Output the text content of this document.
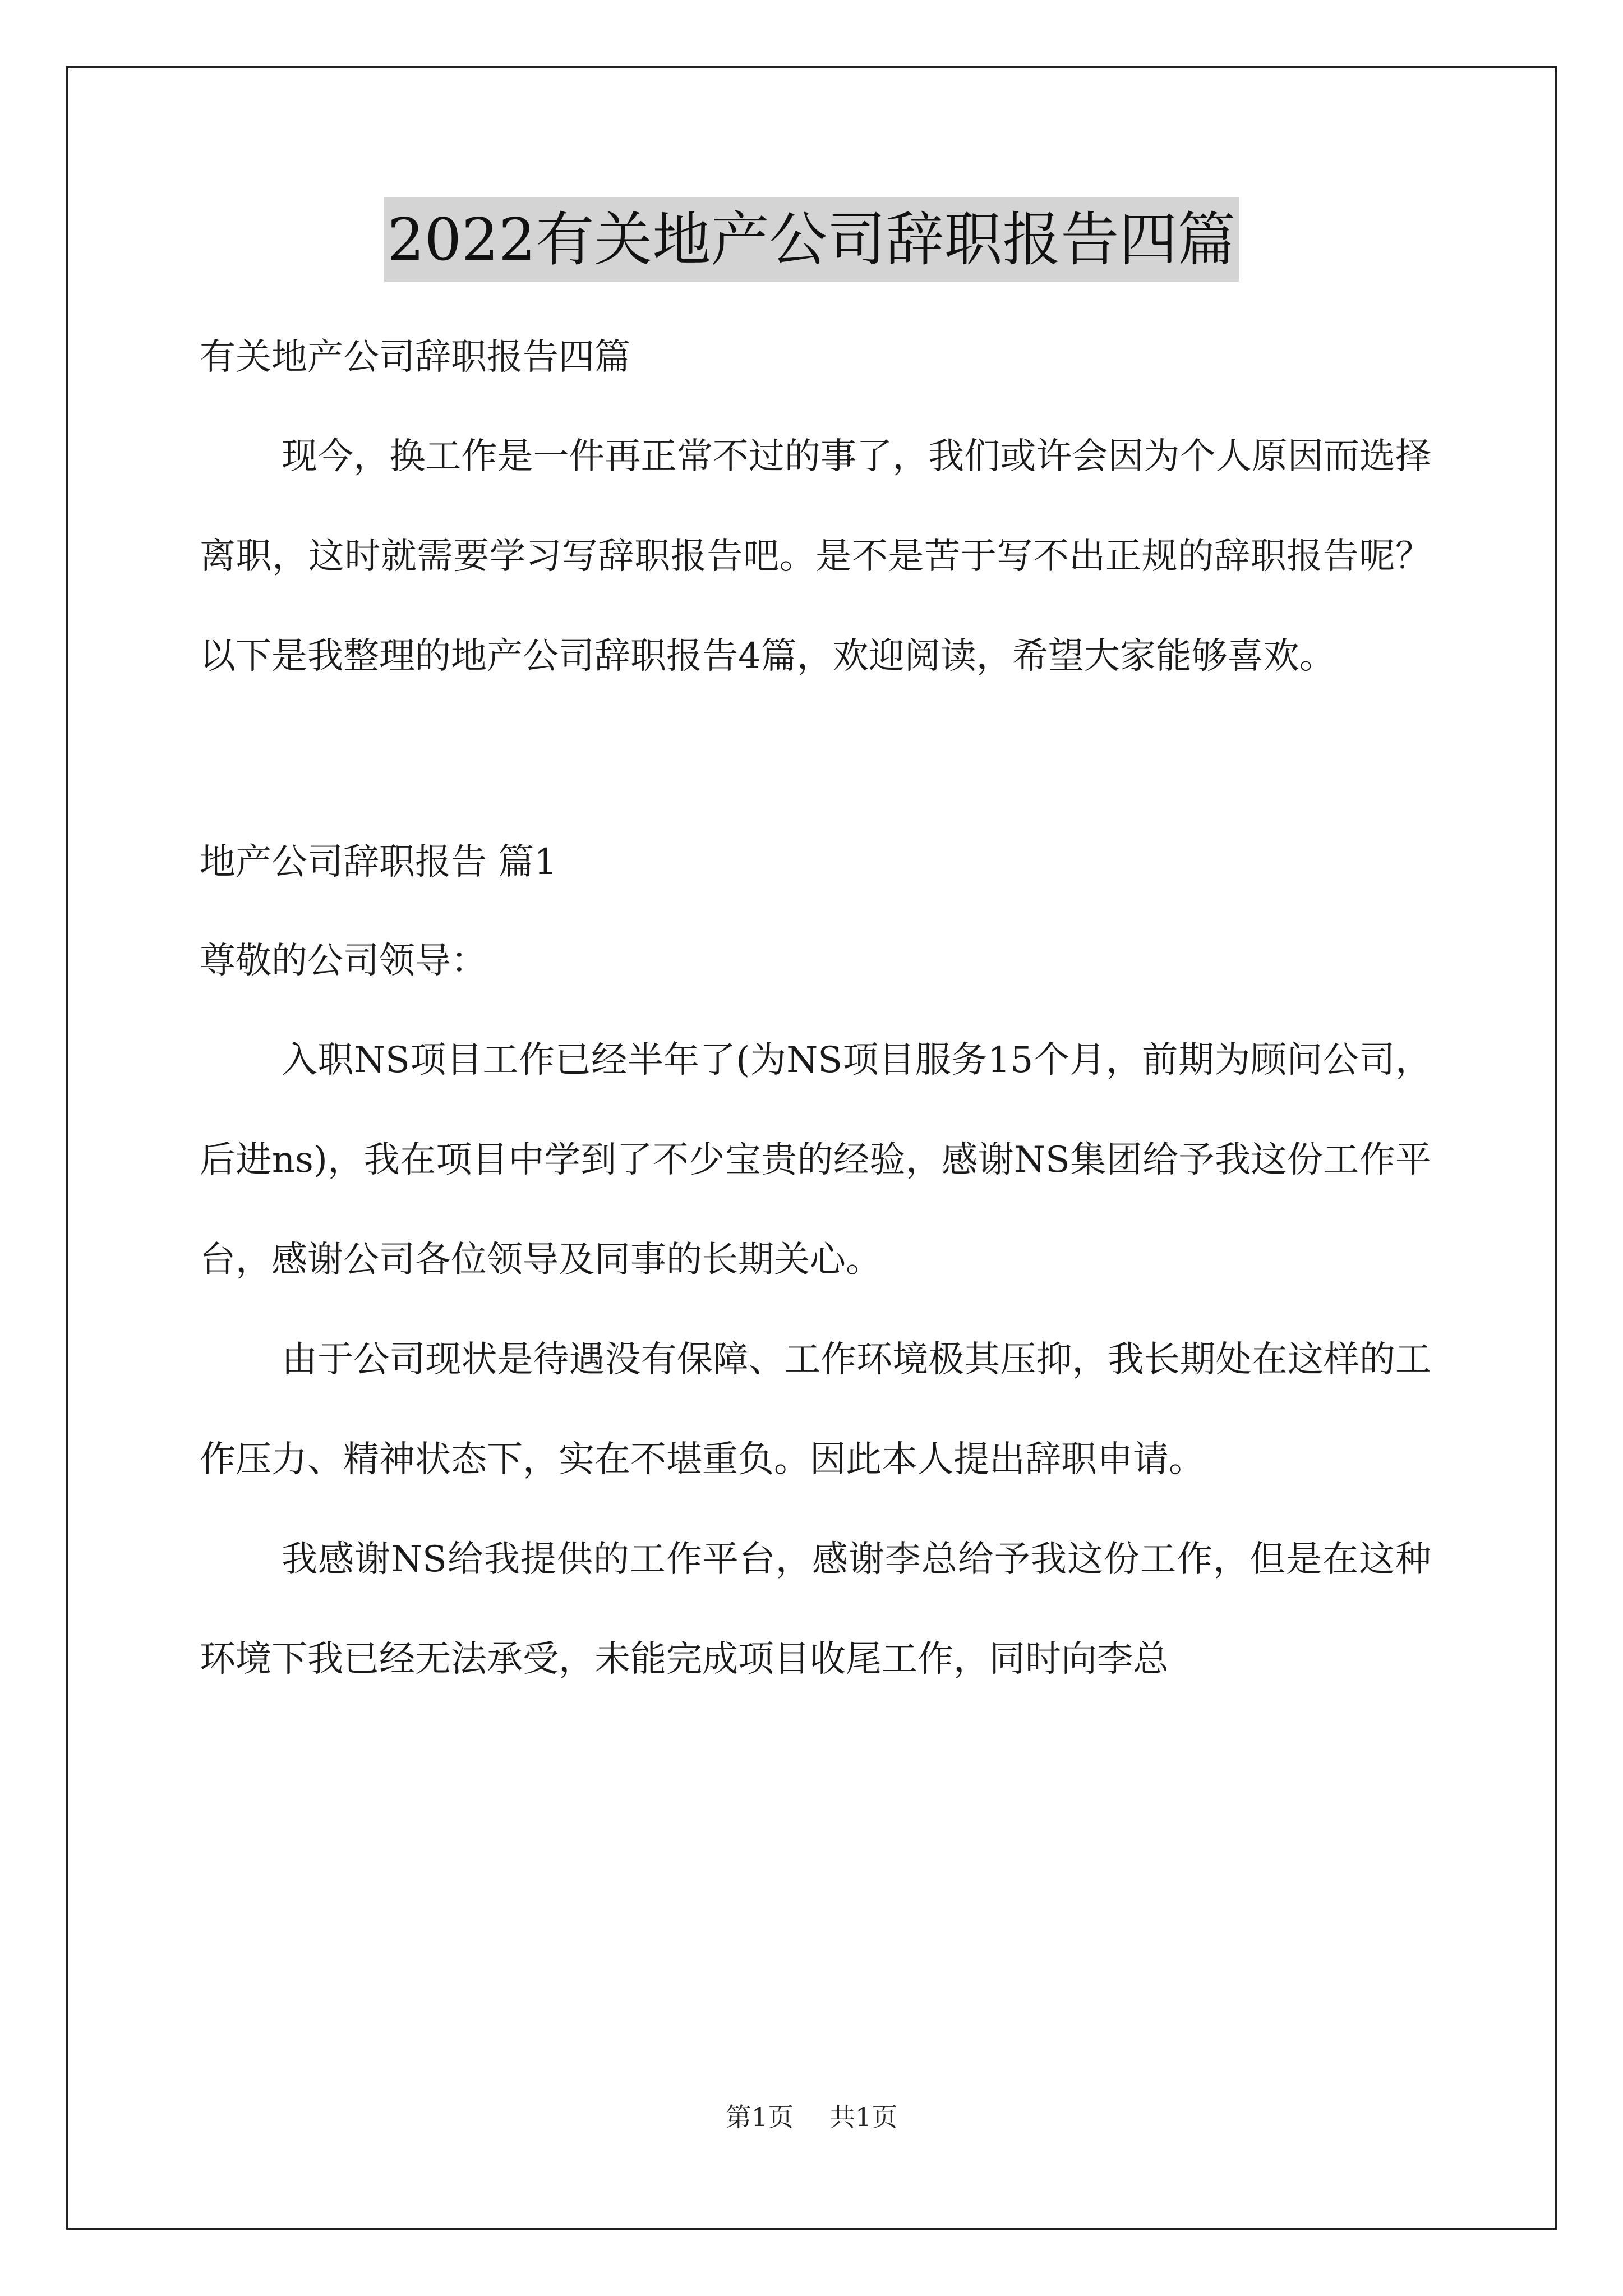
2022有关地产公司辞职报告四篇

有关地产公司辞职报告四篇

现今，换工作是一件再正常不过的事了，我们或许会因为个人原因而选择离职，这时就需要学习写辞职报告吧。是不是苦于写不出正规的辞职报告呢？以下是我整理的地产公司辞职报告4篇，欢迎阅读，希望大家能够喜欢。

地产公司辞职报告 篇1

尊敬的公司领导：

入职NS项目工作已经半年了(为NS项目服务15个月，前期为顾问公司，后进ns)，我在项目中学到了不少宝贵的经验，感谢NS集团给予我这份工作平台，感谢公司各位领导及同事的长期关心。

由于公司现状是待遇没有保障、工作环境极其压抑，我长期处在这样的工作压力、精神状态下，实在不堪重负。因此本人提出辞职申请。

我感谢NS给我提供的工作平台，感谢李总给予我这份工作，但是在这种环境下我已经无法承受，未能完成项目收尾工作，同时向李总

第1页 共1页
